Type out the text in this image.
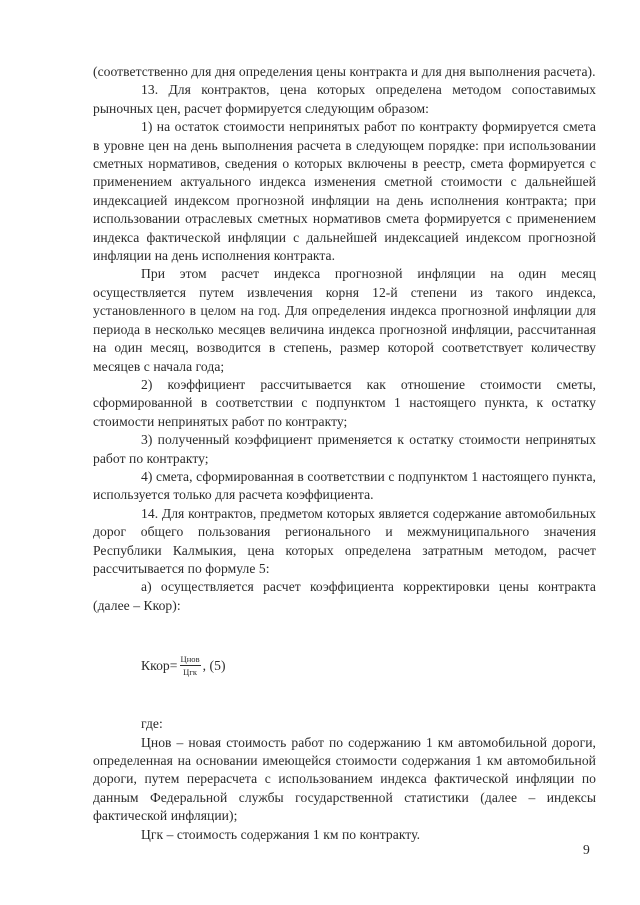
(соответственно для дня определения цены контракта и для дня выполнения расчета).

13. Для контрактов, цена которых определена методом сопоставимых рыночных цен, расчет формируется следующим образом:

1) на остаток стоимости непринятых работ по контракту формируется смета в уровне цен на день выполнения расчета в следующем порядке: при использовании сметных нормативов, сведения о которых включены в реестр, смета формируется с применением актуального индекса изменения сметной стоимости с дальнейшей индексацией индексом прогнозной инфляции на день исполнения контракта; при использовании отраслевых сметных нормативов смета формируется с применением индекса фактической инфляции с дальнейшей индексацией индексом прогнозной инфляции на день исполнения контракта.

При этом расчет индекса прогнозной инфляции на один месяц осуществляется путем извлечения корня 12-й степени из такого индекса, установленного в целом на год. Для определения индекса прогнозной инфляции для периода в несколько месяцев величина индекса прогнозной инфляции, рассчитанная на один месяц, возводится в степень, размер которой соответствует количеству месяцев с начала года;

2) коэффициент рассчитывается как отношение стоимости сметы, сформированной в соответствии с подпунктом 1 настоящего пункта, к остатку стоимости непринятых работ по контракту;

3) полученный коэффициент применяется к остатку стоимости непринятых работ по контракту;

4) смета, сформированная в соответствии с подпунктом 1 настоящего пункта, используется только для расчета коэффициента.

14. Для контрактов, предметом которых является содержание автомобильных дорог общего пользования регионального и межмуниципального значения Республики Калмыкия, цена которых определена затратным методом, расчет рассчитывается по формуле 5:

а) осуществляется расчет коэффициента корректировки цены контракта (далее – Ккор):

Ккор= $\frac{\text{Цнов}}{\text{Цгк}}$ , (5)

где:

Цнов – новая стоимость работ по содержанию 1 км автомобильной дороги, определенная на основании имеющейся стоимости содержания 1 км автомобильной дороги, путем перерасчета с использованием индекса фактической инфляции по данным Федеральной службы государственной статистики (далее – индексы фактической инфляции);

Цгк – стоимость содержания 1 км по контракту.

9
